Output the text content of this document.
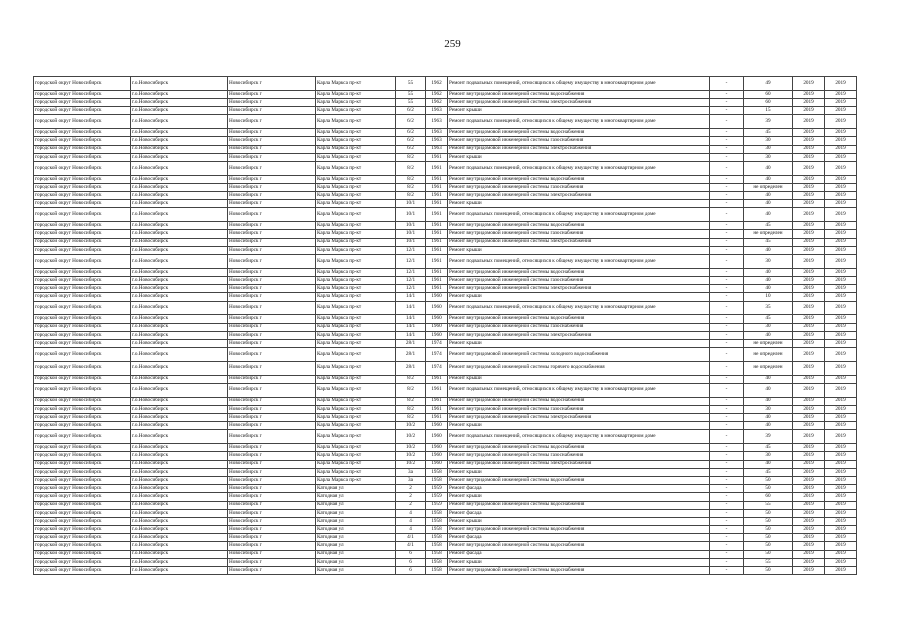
259
городской округ Новосибирск	г.о.Новосибирск	Новосибирск г	Карла Маркса пр-кт	55	1962	Ремонт подвальных помещений, относящихся к общему имуществу в многоквартирном доме	-	49	2019	2019
городской округ Новосибирск	г.о.Новосибирск	Новосибирск г	Карла Маркса пр-кт	55	1962	Ремонт внутридомовой инженерной системы водоснабжения	-	60	2019	2019
городской округ Новосибирск	г.о.Новосибирск	Новосибирск г	Карла Маркса пр-кт	55	1962	Ремонт внутридомовой инженерной системы электроснабжения	-	60	2019	2019
городской округ Новосибирск	г.о.Новосибирск	Новосибирск г	Карла Маркса пр-кт	6/2	1963	Ремонт крыши	-	15	2019	2019
городской округ Новосибирск	г.о.Новосибирск	Новосибирск г	Карла Маркса пр-кт	6/2	1963	Ремонт подвальных помещений, относящихся к общему имуществу в многоквартирном доме	-	39	2019	2019
городской округ Новосибирск	г.о.Новосибирск	Новосибирск г	Карла Маркса пр-кт	6/2	1963	Ремонт внутридомовой инженерной системы водоснабжения	-	45	2019	2019
городской округ Новосибирск	г.о.Новосибирск	Новосибирск г	Карла Маркса пр-кт	6/2	1963	Ремонт внутридомовой инженерной системы газоснабжения	-	30	2019	2019
городской округ Новосибирск	г.о.Новосибирск	Новосибирск г	Карла Маркса пр-кт	6/2	1963	Ремонт внутридомовой инженерной системы электроснабжения	-	30	2019	2019
городской округ Новосибирск	г.о.Новосибирск	Новосибирск г	Карла Маркса пр-кт	8/2	1961	Ремонт крыши	-	30	2019	2019
городской округ Новосибирск	г.о.Новосибирск	Новосибирск г	Карла Маркса пр-кт	8/2	1961	Ремонт подвальных помещений, относящихся к общему имуществу в многоквартирном доме	-	40	2019	2019
городской округ Новосибирск	г.о.Новосибирск	Новосибирск г	Карла Маркса пр-кт	8/2	1961	Ремонт внутридомовой инженерной системы водоснабжения	-	40	2019	2019
городской округ Новосибирск	г.о.Новосибирск	Новосибирск г	Карла Маркса пр-кт	8/2	1961	Ремонт внутридомовой инженерной системы газоснабжения	-	не определен	2019	2019
городской округ Новосибирск	г.о.Новосибирск	Новосибирск г	Карла Маркса пр-кт	8/2	1961	Ремонт внутридомовой инженерной системы электроснабжения	-	40	2019	2019
городской округ Новосибирск	г.о.Новосибирск	Новосибирск г	Карла Маркса пр-кт	10/1	1961	Ремонт крыши	-	40	2019	2019
городской округ Новосибирск	г.о.Новосибирск	Новосибирск г	Карла Маркса пр-кт	10/1	1961	Ремонт подвальных помещений, относящихся к общему имуществу в многоквартирном доме	-	40	2019	2019
городской округ Новосибирск	г.о.Новосибирск	Новосибирск г	Карла Маркса пр-кт	10/1	1961	Ремонт внутридомовой инженерной системы водоснабжения	-	45	2019	2019
городской округ Новосибирск	г.о.Новосибирск	Новосибирск г	Карла Маркса пр-кт	10/1	1961	Ремонт внутридомовой инженерной системы газоснабжения	-	не определен	2019	2019
городской округ Новосибирск	г.о.Новосибирск	Новосибирск г	Карла Маркса пр-кт	10/1	1961	Ремонт внутридомовой инженерной системы электроснабжения	-	45	2019	2019
городской округ Новосибирск	г.о.Новосибирск	Новосибирск г	Карла Маркса пр-кт	12/1	1961	Ремонт крыши	-	40	2019	2019
городской округ Новосибирск	г.о.Новосибирск	Новосибирск г	Карла Маркса пр-кт	12/1	1961	Ремонт подвальных помещений, относящихся к общему имуществу в многоквартирном доме	-	30	2019	2019
городской округ Новосибирск	г.о.Новосибирск	Новосибирск г	Карла Маркса пр-кт	12/1	1961	Ремонт внутридомовой инженерной системы водоснабжения	-	40	2019	2019
городской округ Новосибирск	г.о.Новосибирск	Новосибирск г	Карла Маркса пр-кт	12/1	1961	Ремонт внутридомовой инженерной системы газоснабжения	-	40	2019	2019
городской округ Новосибирск	г.о.Новосибирск	Новосибирск г	Карла Маркса пр-кт	12/1	1961	Ремонт внутридомовой инженерной системы электроснабжения	-	40	2019	2019
городской округ Новосибирск	г.о.Новосибирск	Новосибирск г	Карла Маркса пр-кт	14/1	1960	Ремонт крыши	-	10	2019	2019
городской округ Новосибирск	г.о.Новосибирск	Новосибирск г	Карла Маркса пр-кт	14/1	1960	Ремонт подвальных помещений, относящихся к общему имуществу в многоквартирном доме	-	35	2019	2019
городской округ Новосибирск	г.о.Новосибирск	Новосибирск г	Карла Маркса пр-кт	14/1	1960	Ремонт внутридомовой инженерной системы водоснабжения	-	45	2019	2019
городской округ Новосибирск	г.о.Новосибирск	Новосибирск г	Карла Маркса пр-кт	14/1	1960	Ремонт внутридомовой инженерной системы газоснабжения	-	30	2019	2019
городской округ Новосибирск	г.о.Новосибирск	Новосибирск г	Карла Маркса пр-кт	14/1	1960	Ремонт внутридомовой инженерной системы электроснабжения	-	40	2019	2019
городской округ Новосибирск	г.о.Новосибирск	Новосибирск г	Карла Маркса пр-кт	28/1	1974	Ремонт крыши	-	не определен	2019	2019
городской округ Новосибирск	г.о.Новосибирск	Новосибирск г	Карла Маркса пр-кт	28/1	1974	Ремонт внутридомовой инженерной системы холодного водоснабжения	-	не определен	2019	2019
городской округ Новосибирск	г.о.Новосибирск	Новосибирск г	Карла Маркса пр-кт	28/1	1974	Ремонт внутридомовой инженерной системы горячего водоснабжения	-	не определен	2019	2019
городской округ Новосибирск	г.о.Новосибирск	Новосибирск г	Карла Маркса пр-кт	8/2	1961	Ремонт крыши	-	40	2019	2019
городской округ Новосибирск	г.о.Новосибирск	Новосибирск г	Карла Маркса пр-кт	8/2	1961	Ремонт подвальных помещений, относящихся к общему имуществу в многоквартирном доме	-	40	2019	2019
городской округ Новосибирск	г.о.Новосибирск	Новосибирск г	Карла Маркса пр-кт	8/2	1961	Ремонт внутридомовой инженерной системы водоснабжения	-	40	2019	2019
городской округ Новосибирск	г.о.Новосибирск	Новосибирск г	Карла Маркса пр-кт	8/2	1961	Ремонт внутридомовой инженерной системы газоснабжения	-	30	2019	2019
городской округ Новосибирск	г.о.Новосибирск	Новосибирск г	Карла Маркса пр-кт	8/2	1961	Ремонт внутридомовой инженерной системы электроснабжения	-	40	2019	2019
городской округ Новосибирск	г.о.Новосибирск	Новосибирск г	Карла Маркса пр-кт	10/2	1960	Ремонт крыши	-	40	2019	2019
городской округ Новосибирск	г.о.Новосибирск	Новосибирск г	Карла Маркса пр-кт	10/2	1960	Ремонт подвальных помещений, относящихся к общему имуществу в многоквартирном доме	-	39	2019	2019
городской округ Новосибирск	г.о.Новосибирск	Новосибирск г	Карла Маркса пр-кт	10/2	1960	Ремонт внутридомовой инженерной системы водоснабжения	-	45	2019	2019
городской округ Новосибирск	г.о.Новосибирск	Новосибирск г	Карла Маркса пр-кт	10/2	1960	Ремонт внутридомовой инженерной системы газоснабжения	-	30	2019	2019
городской округ Новосибирск	г.о.Новосибирск	Новосибирск г	Карла Маркса пр-кт	10/2	1960	Ремонт внутридомовой инженерной системы электроснабжения	-	40	2019	2019
городской округ Новосибирск	г.о.Новосибирск	Новосибирск г	Карла Маркса пр-кт	3а	1958	Ремонт крыши	-	45	2019	2019
городской округ Новосибирск	г.о.Новосибирск	Новосибирск г	Карла Маркса пр-кт	3а	1958	Ремонт внутридомовой инженерной системы водоснабжения	-	50	2019	2019
городской округ Новосибирск	г.о.Новосибирск	Новосибирск г	Катодная ул	2	1959	Ремонт фасада	-	50	2019	2019
городской округ Новосибирск	г.о.Новосибирск	Новосибирск г	Катодная ул	2	1959	Ремонт крыши	-	60	2019	2019
городской округ Новосибирск	г.о.Новосибирск	Новосибирск г	Катодная ул	2	1959	Ремонт внутридомовой инженерной системы водоснабжения	-	55	2019	2019
городской округ Новосибирск	г.о.Новосибирск	Новосибирск г	Катодная ул	4	1958	Ремонт фасада	-	50	2019	2019
городской округ Новосибирск	г.о.Новосибирск	Новосибирск г	Катодная ул	4	1958	Ремонт крыши	-	50	2019	2019
городской округ Новосибирск	г.о.Новосибирск	Новосибирск г	Катодная ул	4	1958	Ремонт внутридомовой инженерной системы водоснабжения	-	50	2019	2019
городской округ Новосибирск	г.о.Новосибирск	Новосибирск г	Катодная ул	4/1	1958	Ремонт фасада	-	50	2019	2019
городской округ Новосибирск	г.о.Новосибирск	Новосибирск г	Катодная ул	4/1	1958	Ремонт внутридомовой инженерной системы водоснабжения	-	50	2019	2019
городской округ Новосибирск	г.о.Новосибирск	Новосибирск г	Катодная ул	6	1958	Ремонт фасада	-	50	2019	2019
городской округ Новосибирск	г.о.Новосибирск	Новосибирск г	Катодная ул	6	1958	Ремонт крыши	-	55	2019	2019
городской округ Новосибирск	г.о.Новосибирск	Новосибирск г	Катодная ул	6	1958	Ремонт внутридомовой инженерной системы водоснабжения	-	50	2019	2019
